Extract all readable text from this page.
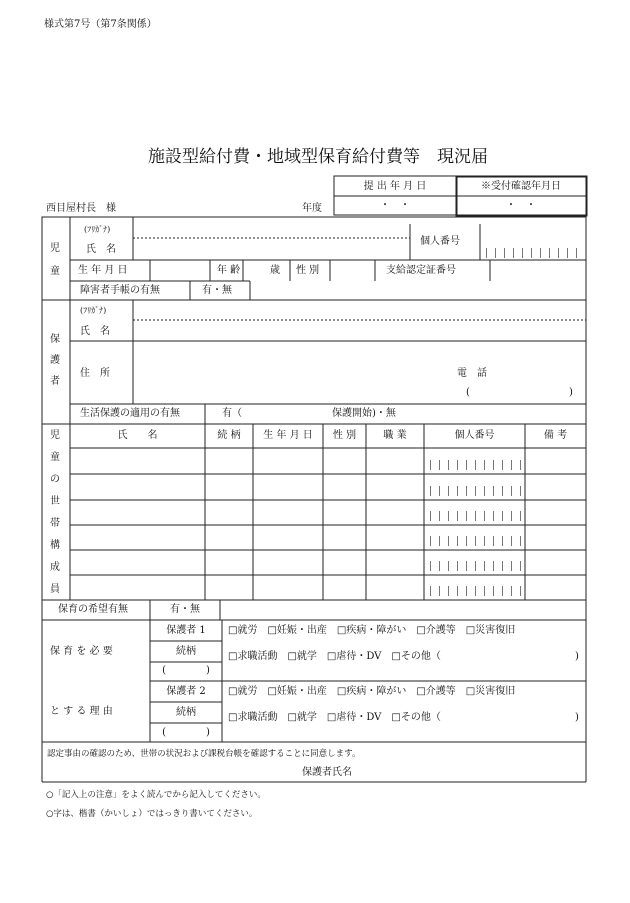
様式第7号（第7条関係）
施設型給付費・地域型保育給付費等　現況届
提 出 年 月 日
・　・
※受付確認年月日
・　・
西目屋村長　様	年度
児
童
(ﾌﾘｶﾞﾅ)
氏　名
個人番号
生 年 月 日	年 齢	歳 性 別	支給認定証番号
障害者手帳の有無	有・無
保
護
者
(ﾌﾘｶﾞﾅ)
氏　名
住　所	電　話
(	)
生活保護の適用の有無	有（	保護開始)・無
児
童
の
世
帯
構
成
員
氏　　名	続 柄	生 年 月 日	性 別	職 業	個人番号	備 考
保育の希望有無	有・無
保 育 を 必 要
と す る 理 由
保護者 1
続柄
(　　　　)
□就労　□妊娠・出産　□疾病・障がい　□介護等　□災害復旧
□求職活動　□就学　□虐待・DV　□その他（	)
保護者 2
続柄
(　　　　)
□就労　□妊娠・出産　□疾病・障がい　□介護等　□災害復旧
□求職活動　□就学　□虐待・DV　□その他（	)
認定事由の確認のため、世帯の状況および課税台帳を確認することに同意します。
保護者氏名
○「記入上の注意」をよく読んでから記入してください。
○字は、楷書（かいしょ）ではっきり書いてください。
